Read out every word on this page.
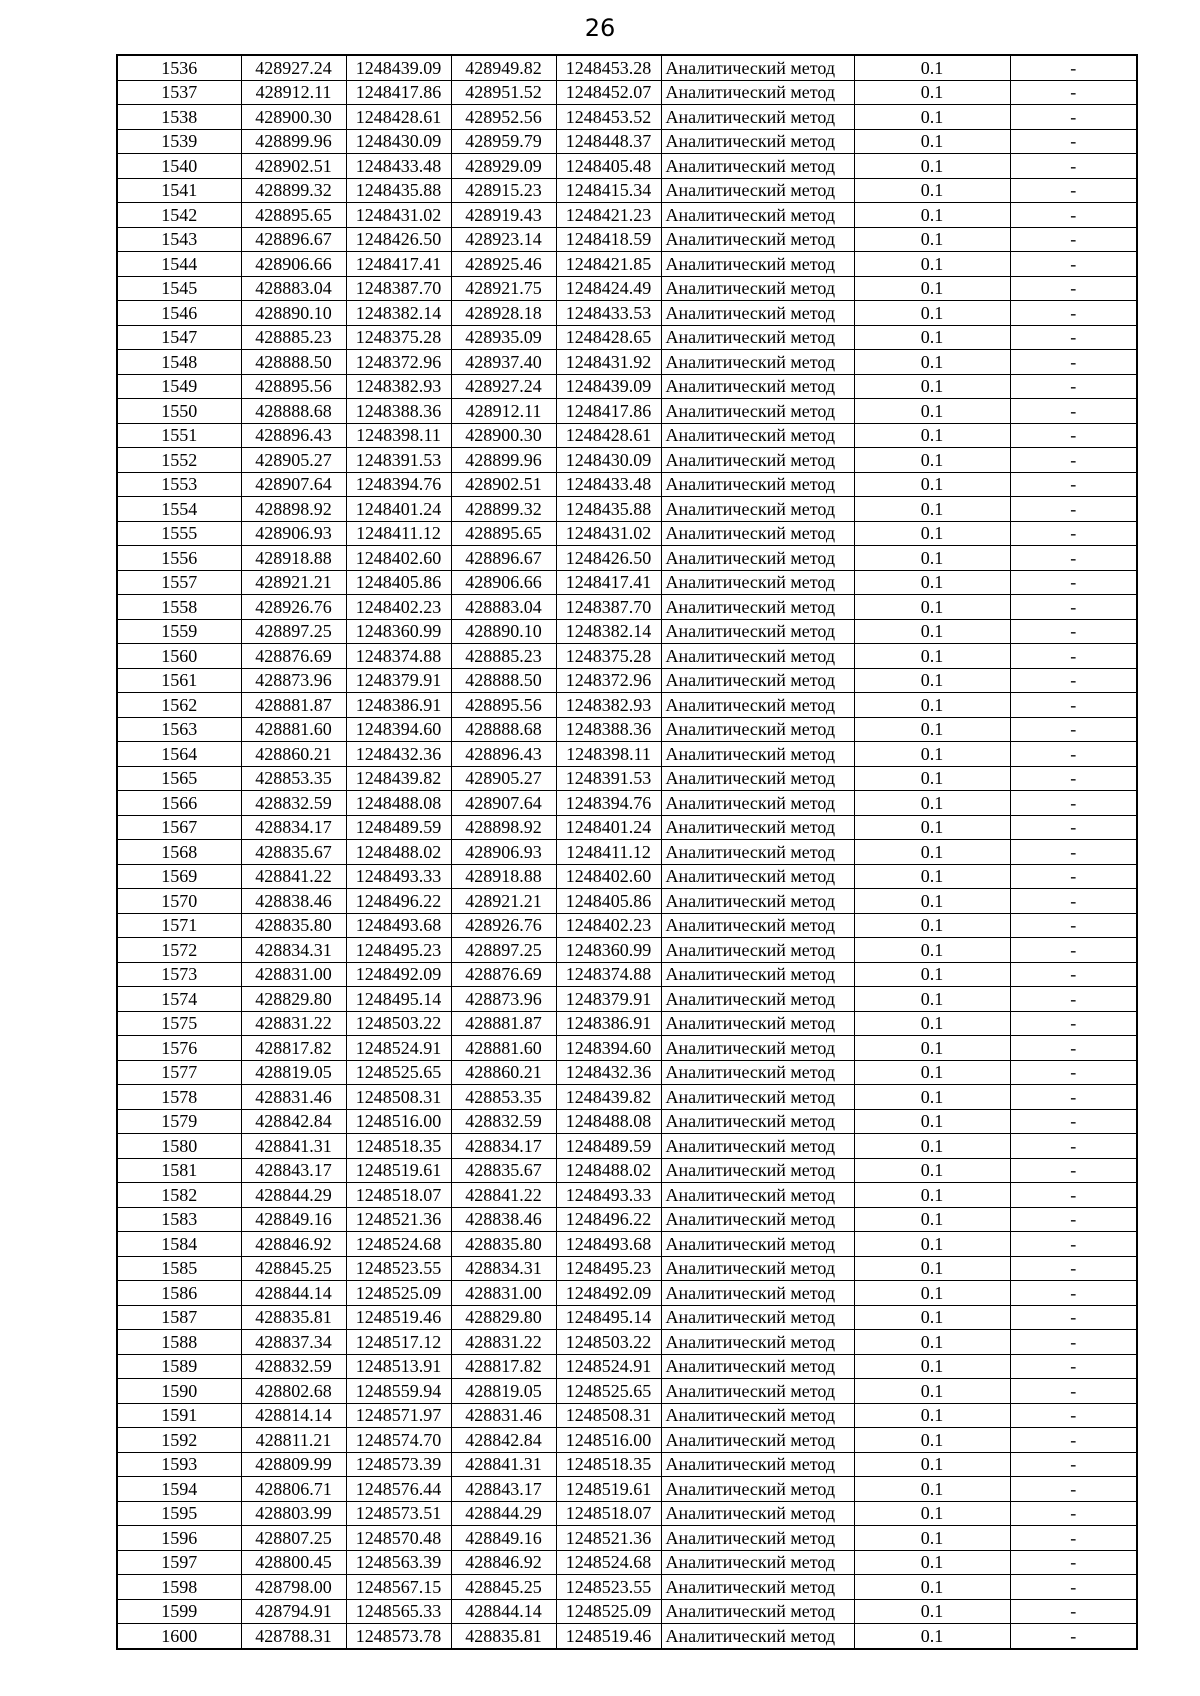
26
1536	428927.24	1248439.09	428949.82	1248453.28	Аналитический метод	0.1	-
1537	428912.11	1248417.86	428951.52	1248452.07	Аналитический метод	0.1	-
1538	428900.30	1248428.61	428952.56	1248453.52	Аналитический метод	0.1	-
1539	428899.96	1248430.09	428959.79	1248448.37	Аналитический метод	0.1	-
1540	428902.51	1248433.48	428929.09	1248405.48	Аналитический метод	0.1	-
1541	428899.32	1248435.88	428915.23	1248415.34	Аналитический метод	0.1	-
1542	428895.65	1248431.02	428919.43	1248421.23	Аналитический метод	0.1	-
1543	428896.67	1248426.50	428923.14	1248418.59	Аналитический метод	0.1	-
1544	428906.66	1248417.41	428925.46	1248421.85	Аналитический метод	0.1	-
1545	428883.04	1248387.70	428921.75	1248424.49	Аналитический метод	0.1	-
1546	428890.10	1248382.14	428928.18	1248433.53	Аналитический метод	0.1	-
1547	428885.23	1248375.28	428935.09	1248428.65	Аналитический метод	0.1	-
1548	428888.50	1248372.96	428937.40	1248431.92	Аналитический метод	0.1	-
1549	428895.56	1248382.93	428927.24	1248439.09	Аналитический метод	0.1	-
1550	428888.68	1248388.36	428912.11	1248417.86	Аналитический метод	0.1	-
1551	428896.43	1248398.11	428900.30	1248428.61	Аналитический метод	0.1	-
1552	428905.27	1248391.53	428899.96	1248430.09	Аналитический метод	0.1	-
1553	428907.64	1248394.76	428902.51	1248433.48	Аналитический метод	0.1	-
1554	428898.92	1248401.24	428899.32	1248435.88	Аналитический метод	0.1	-
1555	428906.93	1248411.12	428895.65	1248431.02	Аналитический метод	0.1	-
1556	428918.88	1248402.60	428896.67	1248426.50	Аналитический метод	0.1	-
1557	428921.21	1248405.86	428906.66	1248417.41	Аналитический метод	0.1	-
1558	428926.76	1248402.23	428883.04	1248387.70	Аналитический метод	0.1	-
1559	428897.25	1248360.99	428890.10	1248382.14	Аналитический метод	0.1	-
1560	428876.69	1248374.88	428885.23	1248375.28	Аналитический метод	0.1	-
1561	428873.96	1248379.91	428888.50	1248372.96	Аналитический метод	0.1	-
1562	428881.87	1248386.91	428895.56	1248382.93	Аналитический метод	0.1	-
1563	428881.60	1248394.60	428888.68	1248388.36	Аналитический метод	0.1	-
1564	428860.21	1248432.36	428896.43	1248398.11	Аналитический метод	0.1	-
1565	428853.35	1248439.82	428905.27	1248391.53	Аналитический метод	0.1	-
1566	428832.59	1248488.08	428907.64	1248394.76	Аналитический метод	0.1	-
1567	428834.17	1248489.59	428898.92	1248401.24	Аналитический метод	0.1	-
1568	428835.67	1248488.02	428906.93	1248411.12	Аналитический метод	0.1	-
1569	428841.22	1248493.33	428918.88	1248402.60	Аналитический метод	0.1	-
1570	428838.46	1248496.22	428921.21	1248405.86	Аналитический метод	0.1	-
1571	428835.80	1248493.68	428926.76	1248402.23	Аналитический метод	0.1	-
1572	428834.31	1248495.23	428897.25	1248360.99	Аналитический метод	0.1	-
1573	428831.00	1248492.09	428876.69	1248374.88	Аналитический метод	0.1	-
1574	428829.80	1248495.14	428873.96	1248379.91	Аналитический метод	0.1	-
1575	428831.22	1248503.22	428881.87	1248386.91	Аналитический метод	0.1	-
1576	428817.82	1248524.91	428881.60	1248394.60	Аналитический метод	0.1	-
1577	428819.05	1248525.65	428860.21	1248432.36	Аналитический метод	0.1	-
1578	428831.46	1248508.31	428853.35	1248439.82	Аналитический метод	0.1	-
1579	428842.84	1248516.00	428832.59	1248488.08	Аналитический метод	0.1	-
1580	428841.31	1248518.35	428834.17	1248489.59	Аналитический метод	0.1	-
1581	428843.17	1248519.61	428835.67	1248488.02	Аналитический метод	0.1	-
1582	428844.29	1248518.07	428841.22	1248493.33	Аналитический метод	0.1	-
1583	428849.16	1248521.36	428838.46	1248496.22	Аналитический метод	0.1	-
1584	428846.92	1248524.68	428835.80	1248493.68	Аналитический метод	0.1	-
1585	428845.25	1248523.55	428834.31	1248495.23	Аналитический метод	0.1	-
1586	428844.14	1248525.09	428831.00	1248492.09	Аналитический метод	0.1	-
1587	428835.81	1248519.46	428829.80	1248495.14	Аналитический метод	0.1	-
1588	428837.34	1248517.12	428831.22	1248503.22	Аналитический метод	0.1	-
1589	428832.59	1248513.91	428817.82	1248524.91	Аналитический метод	0.1	-
1590	428802.68	1248559.94	428819.05	1248525.65	Аналитический метод	0.1	-
1591	428814.14	1248571.97	428831.46	1248508.31	Аналитический метод	0.1	-
1592	428811.21	1248574.70	428842.84	1248516.00	Аналитический метод	0.1	-
1593	428809.99	1248573.39	428841.31	1248518.35	Аналитический метод	0.1	-
1594	428806.71	1248576.44	428843.17	1248519.61	Аналитический метод	0.1	-
1595	428803.99	1248573.51	428844.29	1248518.07	Аналитический метод	0.1	-
1596	428807.25	1248570.48	428849.16	1248521.36	Аналитический метод	0.1	-
1597	428800.45	1248563.39	428846.92	1248524.68	Аналитический метод	0.1	-
1598	428798.00	1248567.15	428845.25	1248523.55	Аналитический метод	0.1	-
1599	428794.91	1248565.33	428844.14	1248525.09	Аналитический метод	0.1	-
1600	428788.31	1248573.78	428835.81	1248519.46	Аналитический метод	0.1	-
